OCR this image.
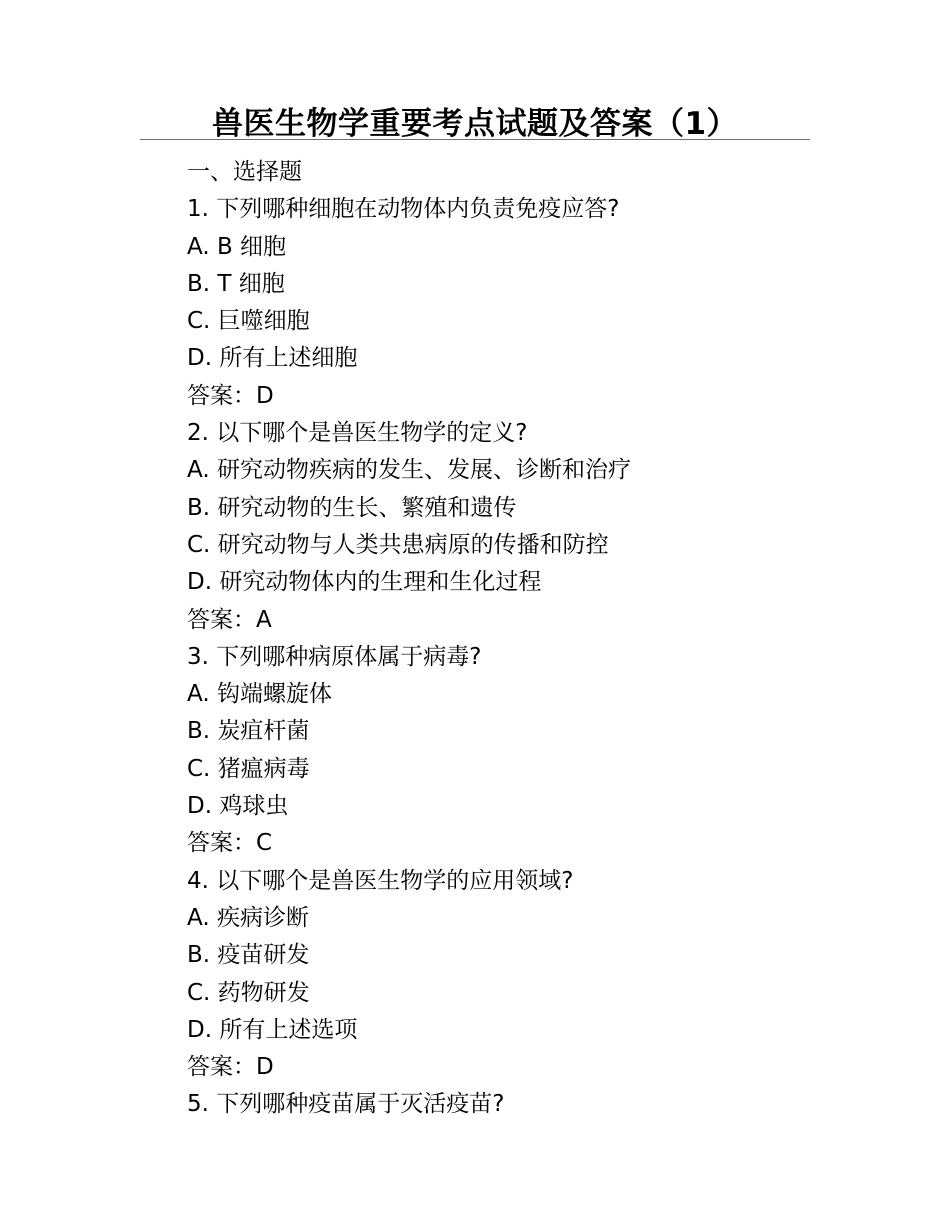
兽医生物学重要考点试题及答案（1）
一、选择题
1. 下列哪种细胞在动物体内负责免疫应答?
A. B 细胞
B. T 细胞
C. 巨噬细胞
D. 所有上述细胞
答案：D
2. 以下哪个是兽医生物学的定义?
A. 研究动物疾病的发生、发展、诊断和治疗
B. 研究动物的生长、繁殖和遗传
C. 研究动物与人类共患病原的传播和防控
D. 研究动物体内的生理和生化过程
答案：A
3. 下列哪种病原体属于病毒?
A. 钩端螺旋体
B. 炭疽杆菌
C. 猪瘟病毒
D. 鸡球虫
答案：C
4. 以下哪个是兽医生物学的应用领域?
A. 疾病诊断
B. 疫苗研发
C. 药物研发
D. 所有上述选项
答案：D
5. 下列哪种疫苗属于灭活疫苗?
